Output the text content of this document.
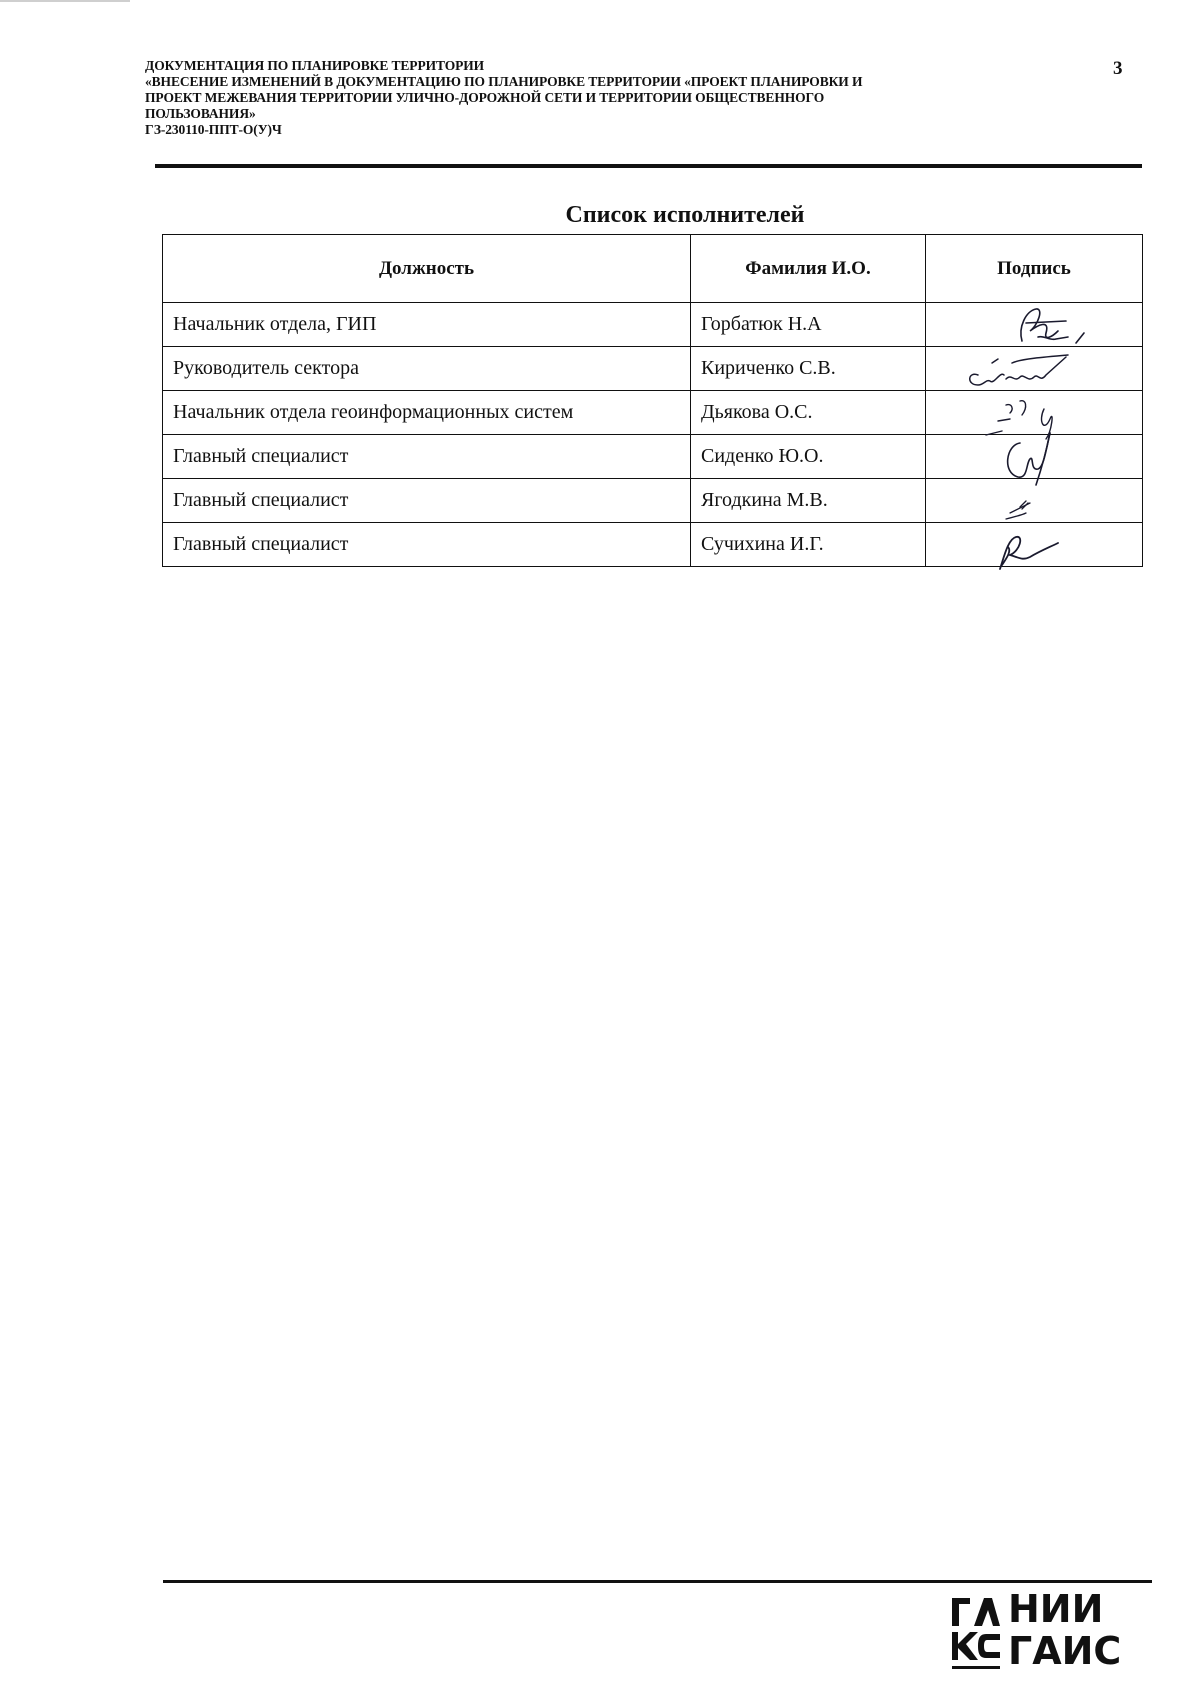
ДОКУМЕНТАЦИЯ ПО ПЛАНИРОВКЕ ТЕРРИТОРИИ
«ВНЕСЕНИЕ ИЗМЕНЕНИЙ В ДОКУМЕНТАЦИЮ ПО ПЛАНИРОВКЕ ТЕРРИТОРИИ «ПРОЕКТ ПЛАНИРОВКИ И
ПРОЕКТ МЕЖЕВАНИЯ ТЕРРИТОРИИ УЛИЧНО-ДОРОЖНОЙ СЕТИ И ТЕРРИТОРИИ ОБЩЕСТВЕННОГО
ПОЛЬЗОВАНИЯ»
ГЗ-230110-ППТ-О(У)Ч
3
Список исполнителей
Должность	Фамилия И.О.	Подпись
Начальник отдела, ГИП	Горбатюк Н.А	

Руководитель сектора	Кириченко С.В.	

Начальник отдела геоинформационных систем	Дьякова О.С.	

Главный специалист	Сиденко Ю.О.	

Главный специалист	Ягодкина М.В.	

Главный специалист	Сучихина И.Г.	
НИИ
ГАИС
